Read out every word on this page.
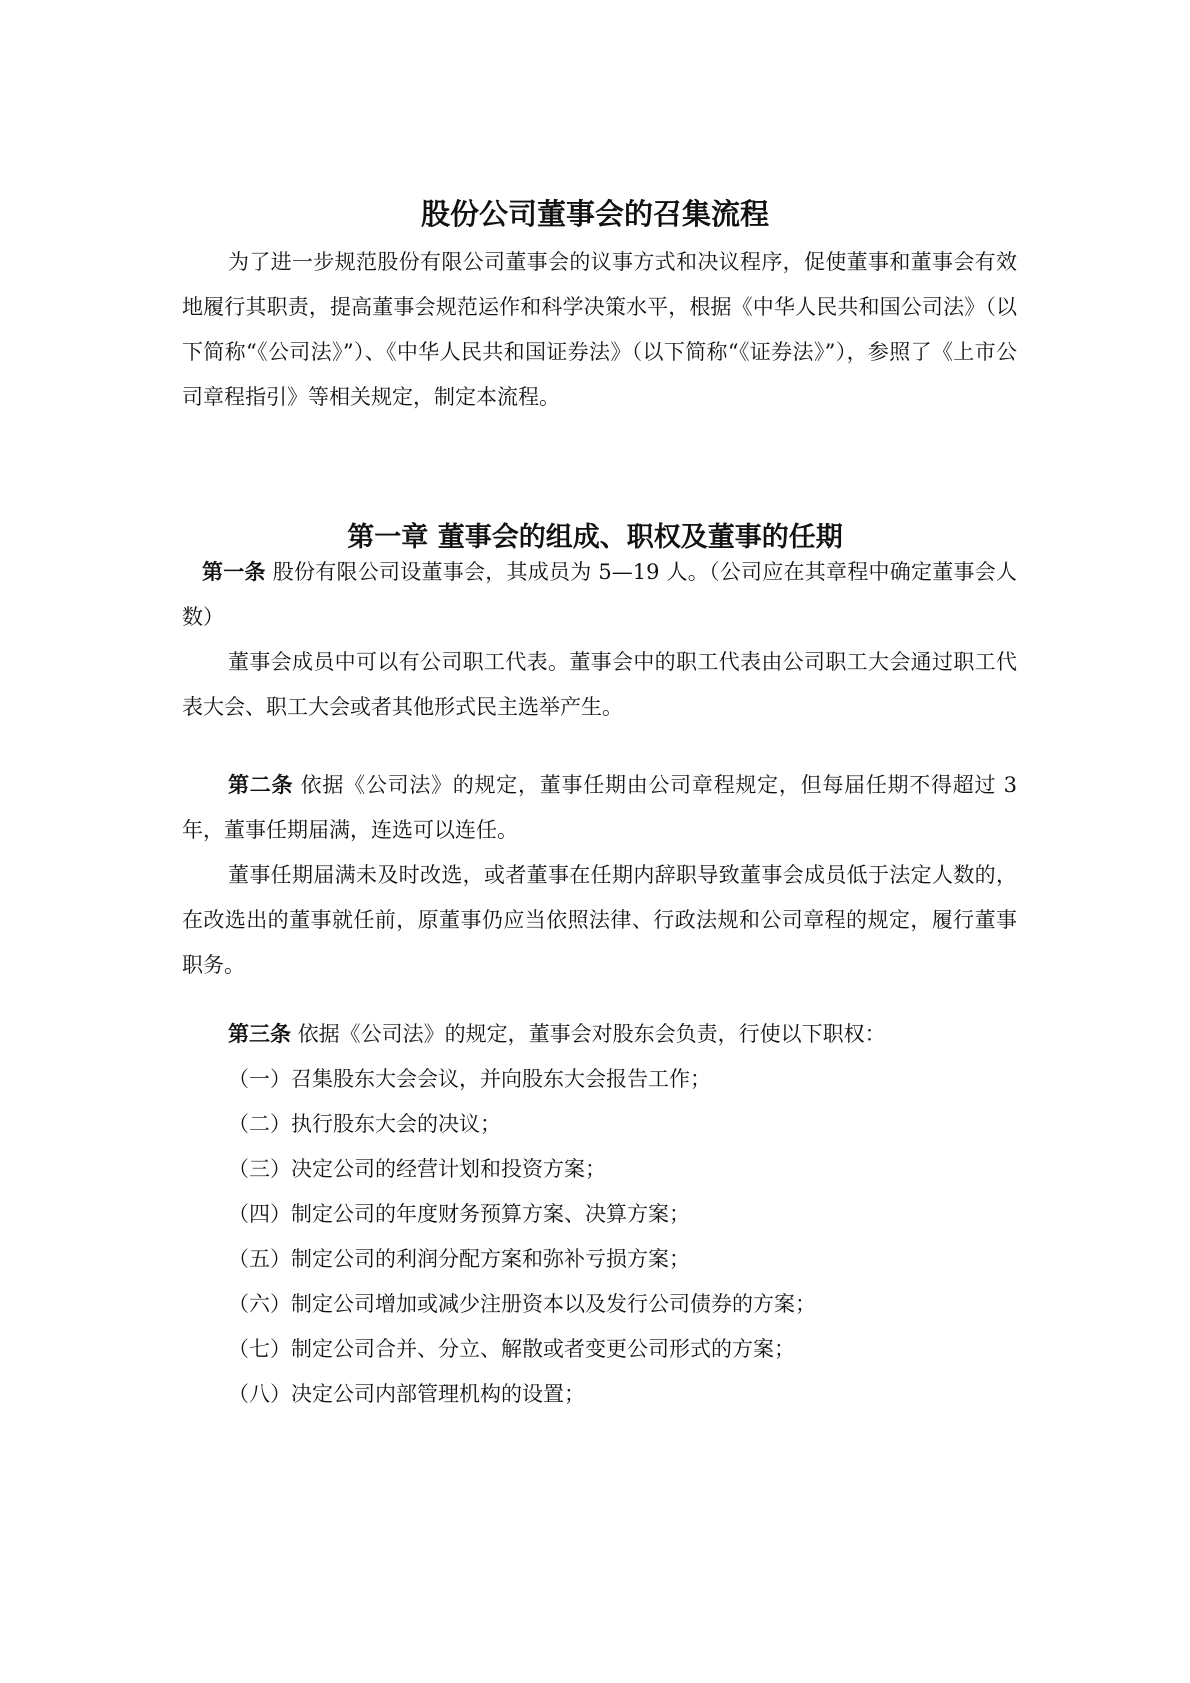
股份公司董事会的召集流程
为了进一步规范股份有限公司董事会的议事方式和决议程序，促使董事和董事会有效地履行其职责，提高董事会规范运作和科学决策水平，根据《中华人民共和国公司法》（以下简称“《公司法》”）、《中华人民共和国证券法》（以下简称“《证券法》”），参照了《上市公司章程指引》等相关规定，制定本流程。
第一章 董事会的组成、职权及董事的任期
第一条 股份有限公司设董事会，其成员为 5—19 人。（公司应在其章程中确定董事会人数）
董事会成员中可以有公司职工代表。董事会中的职工代表由公司职工大会通过职工代表大会、职工大会或者其他形式民主选举产生。
第二条 依据《公司法》的规定，董事任期由公司章程规定，但每届任期不得超过 3 年，董事任期届满，连选可以连任。
董事任期届满未及时改选，或者董事在任期内辞职导致董事会成员低于法定人数的，在改选出的董事就任前，原董事仍应当依照法律、行政法规和公司章程的规定，履行董事职务。
第三条 依据《公司法》的规定，董事会对股东会负责，行使以下职权：
（一）召集股东大会会议，并向股东大会报告工作；
（二）执行股东大会的决议；
（三）决定公司的经营计划和投资方案；
（四）制定公司的年度财务预算方案、决算方案；
（五）制定公司的利润分配方案和弥补亏损方案；
（六）制定公司增加或减少注册资本以及发行公司债券的方案；
（七）制定公司合并、分立、解散或者变更公司形式的方案；
（八）决定公司内部管理机构的设置；
